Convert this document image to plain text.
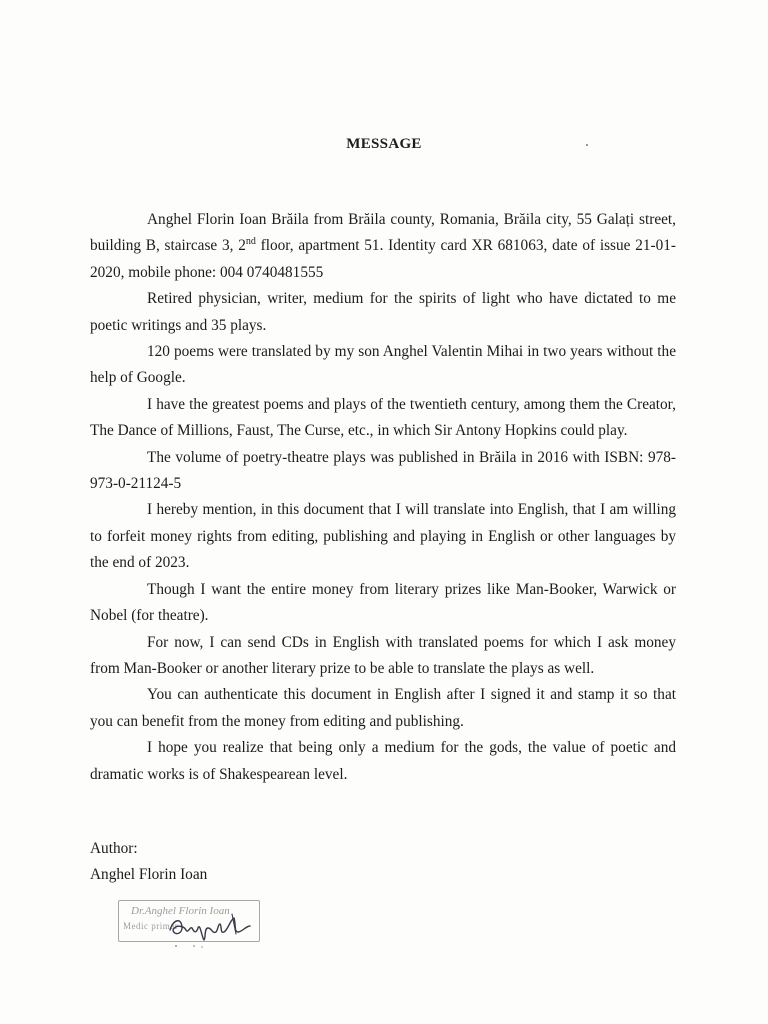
MESSAGE

Anghel Florin Ioan Brăila from Brăila county, Romania, Brăila city, 55 Galați street, building B, staircase 3, 2nd floor, apartment 51. Identity card XR 681063, date of issue 21-01-2020, mobile phone: 004 0740481555

Retired physician, writer, medium for the spirits of light who have dictated to me poetic writings and 35 plays.

120 poems were translated by my son Anghel Valentin Mihai in two years without the help of Google.

I have the greatest poems and plays of the twentieth century, among them the Creator, The Dance of Millions, Faust, The Curse, etc., in which Sir Antony Hopkins could play.

The volume of poetry-theatre plays was published in Brăila in 2016 with ISBN: 978-973-0-21124-5

I hereby mention, in this document that I will translate into English, that I am willing to forfeit money rights from editing, publishing and playing in English or other languages by the end of 2023.

Though I want the entire money from literary prizes like Man-Booker, Warwick or Nobel (for theatre).

For now, I can send CDs in English with translated poems for which I ask money from Man-Booker or another literary prize to be able to translate the plays as well.

You can authenticate this document in English after I signed it and stamp it so that you can benefit from the money from editing and publishing.

I hope you realize that being only a medium for the gods, the value of poetic and dramatic works is of Shakespearean level.

Author:
Anghel Florin Ioan
Dr.Anghel Florin Ioan
Medic primar
